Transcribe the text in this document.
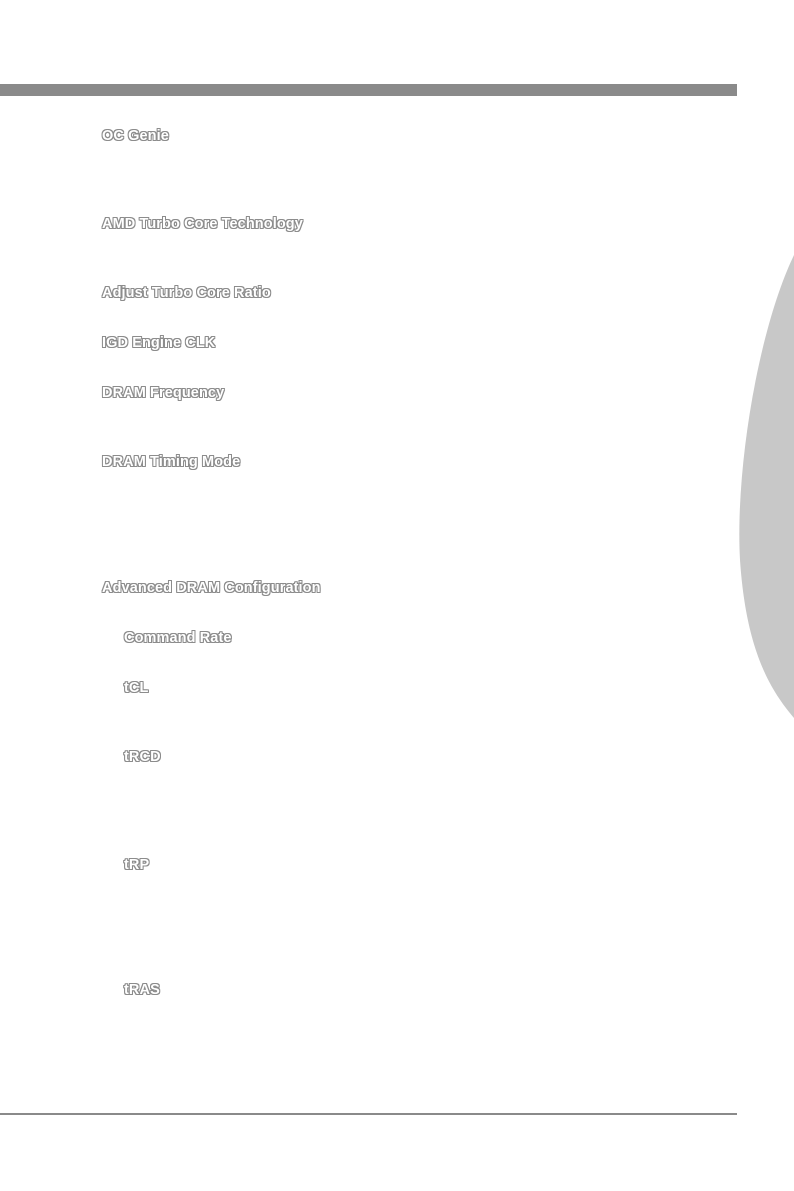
OC Genie

AMD Turbo Core Technology

Adjust Turbo Core Ratio

IGD Engine CLK

DRAM Frequency

DRAM Timing Mode

Advanced DRAM Configuration

Command Rate

tCL

tRCD

tRP

tRAS
